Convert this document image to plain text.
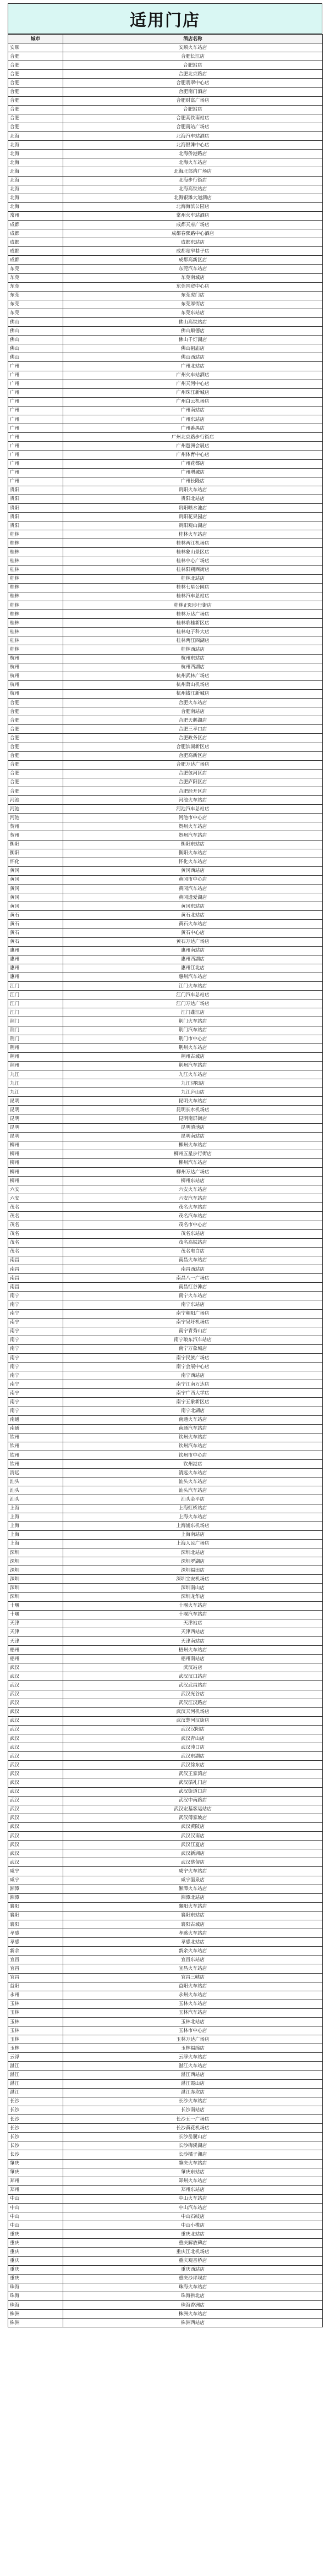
适用门店
城市	酒店名称
安顺	安顺火车站店
合肥	合肥长江店
合肥	合肥站店
合肥	合肥北京路店
合肥	合肥翡翠中心店
合肥	合肥南门酒店
合肥	合肥财富广场店
合肥	合肥站店
合肥	合肥高铁南站店
合肥	合肥南站广场店
北海	北海汽车站酒店
北海	北海银滩中心店
北海	北海侨港路店
北海	北海火车站店
北海	北海北部湾广场店
北海	北海步行街店
北海	北海高铁站店
北海	北海银滩大道酒店
北海	北海海滨公园店
常州	常州火车站酒店
成都	成都天府广场店
成都	成都春熙路中心酒店
成都	成都东站店
成都	成都宽窄巷子店
成都	成都高新区店
东莞	东莞汽车站店
东莞	东莞南城店
东莞	东莞国贸中心店
东莞	东莞虎门店
东莞	东莞厚街店
东莞	东莞东站店
佛山	佛山高铁站店
佛山	佛山顺德店
佛山	佛山千灯湖店
佛山	佛山祖庙店
佛山	佛山西站店
广州	广州北站店
广州	广州火车站酒店
广州	广州天河中心店
广州	广州珠江新城店
广州	广州白云机场店
广州	广州南站店
广州	广州东站店
广州	广州番禺店
广州	广州北京路步行街店
广州	广州琶洲会展店
广州	广州体育中心店
广州	广州花都店
广州	广州增城店
广州	广州长隆店
贵阳	贵阳火车站店
贵阳	贵阳北站店
贵阳	贵阳喷水池店
贵阳	贵阳花果园店
贵阳	贵阳观山湖店
桂林	桂林火车站店
桂林	桂林两江机场店
桂林	桂林象山景区店
桂林	桂林中心广场店
桂林	桂林阳朔西街店
桂林	桂林北站店
桂林	桂林七星公园店
桂林	桂林汽车总站店
桂林	桂林正阳步行街店
桂林	桂林万达广场店
桂林	桂林临桂新区店
桂林	桂林电子科大店
桂林	桂林两江四湖店
桂林	桂林西站店
杭州	杭州东站店
杭州	杭州西湖店
杭州	杭州武林广场店
杭州	杭州萧山机场店
杭州	杭州钱江新城店
合肥	合肥火车站店
合肥	合肥南站店
合肥	合肥天鹅湖店
合肥	合肥三孝口店
合肥	合肥政务区店
合肥	合肥滨湖新区店
合肥	合肥高新区店
合肥	合肥万达广场店
合肥	合肥包河区店
合肥	合肥庐阳区店
合肥	合肥经开区店
河池	河池火车站店
河池	河池汽车总站店
河池	河池市中心店
贺州	贺州火车站店
贺州	贺州汽车站店
衡阳	衡阳东站店
衡阳	衡阳火车站店
怀化	怀化火车站店
黄冈	黄冈西站店
黄冈	黄冈市中心店
黄冈	黄冈汽车站店
黄冈	黄冈遗爱湖店
黄冈	黄冈东站店
黄石	黄石北站店
黄石	黄石火车站店
黄石	黄石中心店
黄石	黄石万达广场店
惠州	惠州南站店
惠州	惠州西湖店
惠州	惠州江北店
惠州	惠州汽车站店
江门	江门火车站店
江门	江门汽车总站店
江门	江门万达广场店
江门	江门蓬江店
荆门	荆门火车站店
荆门	荆门汽车站店
荆门	荆门市中心店
荆州	荆州火车站店
荆州	荆州古城店
荆州	荆州汽车站店
九江	九江火车站店
九江	九江浔阳店
九江	九江庐山店
昆明	昆明火车站店
昆明	昆明长水机场店
昆明	昆明南屏街店
昆明	昆明滇池店
昆明	昆明南站店
柳州	柳州火车站店
柳州	柳州五星步行街店
柳州	柳州汽车站店
柳州	柳州万达广场店
柳州	柳州东站店
六安	六安火车站店
六安	六安汽车站店
茂名	茂名火车站店
茂名	茂名汽车站店
茂名	茂名市中心店
茂名	茂名东站店
茂名	茂名高铁站店
茂名	茂名电白店
南昌	南昌火车站店
南昌	南昌西站店
南昌	南昌八一广场店
南昌	南昌红谷滩店
南宁	南宁火车站店
南宁	南宁东站店
南宁	南宁朝阳广场店
南宁	南宁吴圩机场店
南宁	南宁青秀山店
南宁	南宁琅东汽车站店
南宁	南宁万象城店
南宁	南宁民族广场店
南宁	南宁会展中心店
南宁	南宁西站店
南宁	南宁江南万达店
南宁	南宁广西大学店
南宁	南宁五象新区店
南宁	南宁北湖店
南通	南通火车站店
南通	南通汽车站店
钦州	钦州火车站店
钦州	钦州汽车站店
钦州	钦州市中心店
钦州	钦州港店
清远	清远火车站店
汕头	汕头火车站店
汕头	汕头汽车站店
汕头	汕头金平店
上海	上海虹桥站店
上海	上海火车站店
上海	上海浦东机场店
上海	上海南站店
上海	上海人民广场店
深圳	深圳北站店
深圳	深圳罗湖店
深圳	深圳福田店
深圳	深圳宝安机场店
深圳	深圳南山店
深圳	深圳龙华店
十堰	十堰火车站店
十堰	十堰汽车站店
天津	天津站店
天津	天津西站店
天津	天津南站店
梧州	梧州火车站店
梧州	梧州南站店
武汉	武汉站店
武汉	武汉汉口站店
武汉	武汉武昌站店
武汉	武汉光谷店
武汉	武汉江汉路店
武汉	武汉天河机场店
武汉	武汉楚河汉街店
武汉	武汉汉阳店
武汉	武汉青山店
武汉	武汉沌口店
武汉	武汉东湖店
武汉	武汉徐东店
武汉	武汉王家湾店
武汉	武汉循礼门店
武汉	武汉街道口店
武汉	武汉中南路店
武汉	武汉宏基客运站店
武汉	武汉傅家坡店
武汉	武汉黄陂店
武汉	武汉汉南店
武汉	武汉江夏店
武汉	武汉新洲店
武汉	武汉蔡甸店
咸宁	咸宁火车站店
咸宁	咸宁温泉店
湘潭	湘潭火车站店
湘潭	湘潭北站店
襄阳	襄阳火车站店
襄阳	襄阳东站店
襄阳	襄阳古城店
孝感	孝感火车站店
孝感	孝感北站店
新余	新余火车站店
宜昌	宜昌东站店
宜昌	宜昌火车站店
宜昌	宜昌三峡店
益阳	益阳火车站店
永州	永州火车站店
玉林	玉林火车站店
玉林	玉林汽车站店
玉林	玉林北站店
玉林	玉林市中心店
玉林	玉林万达广场店
玉林	玉林福绵店
云浮	云浮火车站店
湛江	湛江火车站店
湛江	湛江西站店
湛江	湛江霞山店
湛江	湛江赤坎店
长沙	长沙火车站店
长沙	长沙南站店
长沙	长沙五一广场店
长沙	长沙黄花机场店
长沙	长沙岳麓山店
长沙	长沙梅溪湖店
长沙	长沙橘子洲店
肇庆	肇庆火车站店
肇庆	肇庆东站店
郑州	郑州火车站店
郑州	郑州东站店
中山	中山火车站店
中山	中山汽车站店
中山	中山石岐店
中山	中山小榄店
重庆	重庆北站店
重庆	重庆解放碑店
重庆	重庆江北机场店
重庆	重庆观音桥店
重庆	重庆西站店
重庆	重庆沙坪坝店
珠海	珠海火车站店
珠海	珠海拱北店
珠海	珠海香洲店
株洲	株洲火车站店
株洲	株洲西站店
